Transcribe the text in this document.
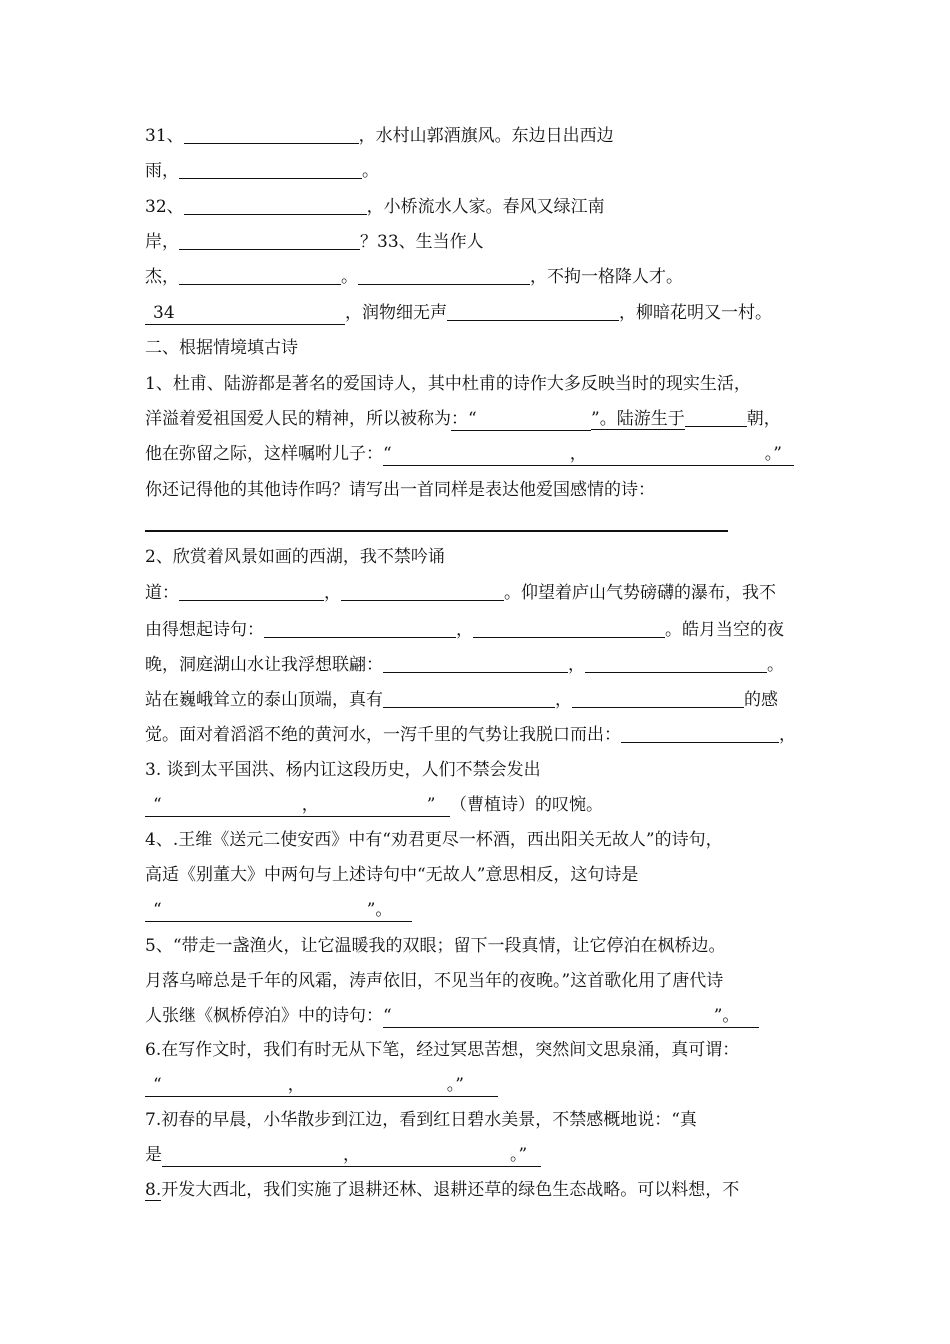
31、	，水村山郭酒旗风。东边日出西边
雨，	。
32、	，小桥流水人家。春风又绿江南
岸，	？33、生当作人
杰，	。	，不拘一格降人才。
34	，润物细无声	，柳暗花明又一村。
二、根据情境填古诗
1、杜甫、陆游都是著名的爱国诗人，其中杜甫的诗作大多反映当时的现实生活，
洋溢着爱祖国爱人民的精神，所以被称为：“	”。陆游生于	朝，
他在弥留之际，这样嘱咐儿子：“	，	。”
你还记得他的其他诗作吗？请写出一首同样是表达他爱国感情的诗：
2、欣赏着风景如画的西湖，我不禁吟诵
道：	，	。仰望着庐山气势磅礴的瀑布，我不
由得想起诗句：	，	。皓月当空的夜
晚，洞庭湖山水让我浮想联翩：	，	。
站在巍峨耸立的泰山顶端，真有	，	的感
觉。面对着滔滔不绝的黄河水，一泻千里的气势让我脱口而出：	，
3. 谈到太平国洪、杨内讧这段历史，人们不禁会发出
“	，	” （曹植诗）的叹惋。
4、.王维《送元二使安西》中有“劝君更尽一杯酒，西出阳关无故人”的诗句，
高适《别董大》中两句与上述诗句中“无故人”意思相反，这句诗是
“	”。
5、“带走一盏渔火，让它温暖我的双眼；留下一段真情，让它停泊在枫桥边。
月落乌啼总是千年的风霜，涛声依旧，不见当年的夜晚。”这首歌化用了唐代诗
人张继《枫桥停泊》中的诗句：“	”。
6.在写作文时，我们有时无从下笔，经过冥思苦想，突然间文思泉涌，真可谓：
“	，	。”
7.初春的早晨，小华散步到江边，看到红日碧水美景，不禁感概地说：“真
是	，	。”
8.开发大西北，我们实施了退耕还林、退耕还草的绿色生态战略。可以料想，不
